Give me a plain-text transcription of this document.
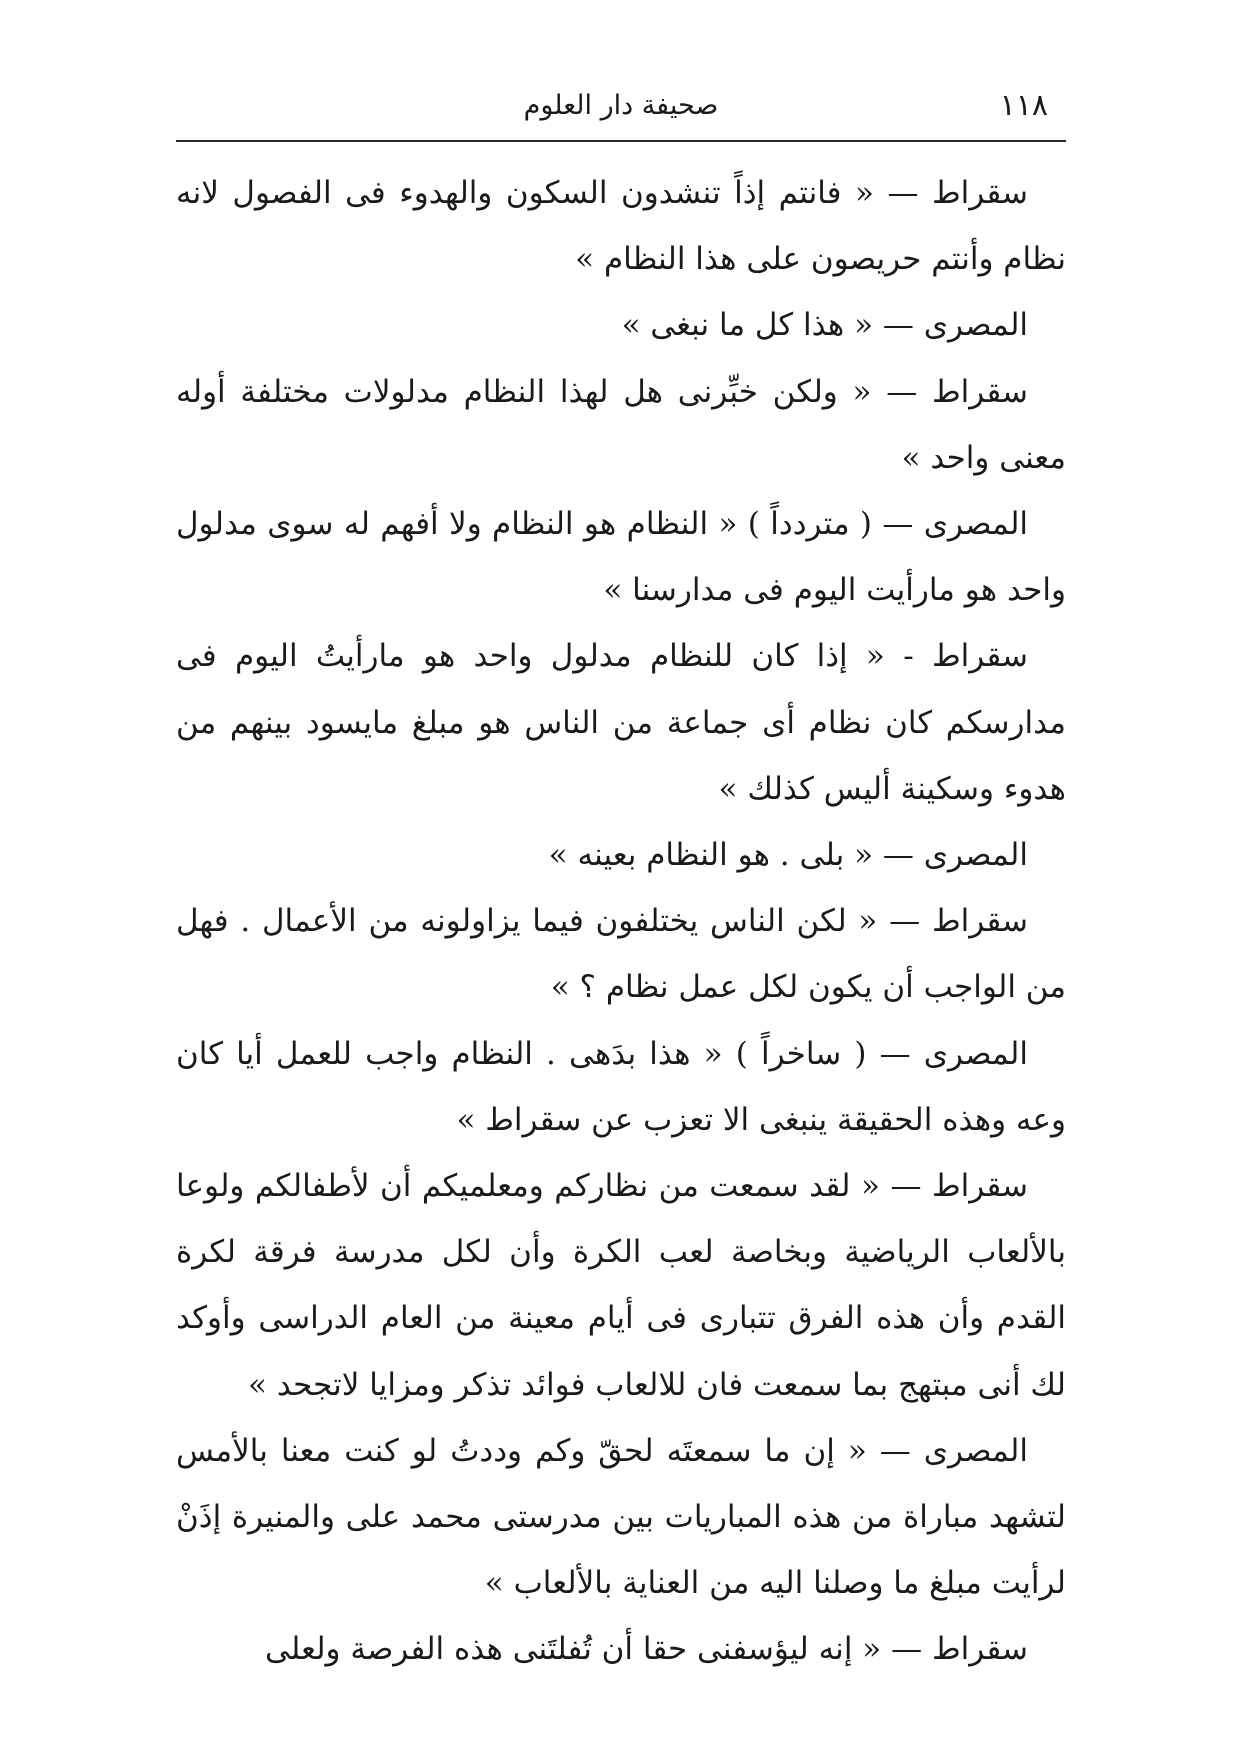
١١٨
صحيفة دار العلوم

سقراط — « فانتم إذاً تنشدون السكون والهدوء فى الفصول لانه نظام وأنتم حريصون على هذا النظام »

المصرى — « هذا كل ما نبغى »

سقراط — « ولكن خبِّرنى هل لهذا النظام مدلولات مختلفة أوله معنى واحد »

المصرى — ( متردداً ) « النظام هو النظام ولا أفهم له سوى مدلول واحد هو مارأيت اليوم فى مدارسنا »

سقراط - « إذا كان للنظام مدلول واحد هو مارأيتُ اليوم فى مدارسكم كان نظام أى جماعة من الناس هو مبلغ مايسود بينهم من هدوء وسكينة أليس كذلك »

المصرى — « بلى . هو النظام بعينه »

سقراط — « لكن الناس يختلفون فيما يزاولونه من الأعمال . فهل من الواجب أن يكون لكل عمل نظام ؟ »

المصرى — ( ساخراً ) « هذا بدَهى . النظام واجب للعمل أيا كان وعه وهذه الحقيقة ينبغى الا تعزب عن سقراط »

سقراط — « لقد سمعت من نظاركم ومعلميكم أن لأطفالكم ولوعا بالألعاب الرياضية وبخاصة لعب الكرة وأن لكل مدرسة فرقة لكرة القدم وأن هذه الفرق تتبارى فى أيام معينة من العام الدراسى وأوكد لك أنى مبتهج بما سمعت فان للالعاب فوائد تذكر ومزايا لاتجحد »

المصرى — « إن ما سمعتَه لحقّ وكم وددتُ لو كنت معنا بالأمس لتشهد مباراة من هذه المباريات بين مدرستى محمد على والمنيرة إذَنْ لرأيت مبلغ ما وصلنا اليه من العناية بالألعاب »

سقراط — « إنه ليؤسفنى حقا أن تُفلتَنى هذه الفرصة ولعلى
